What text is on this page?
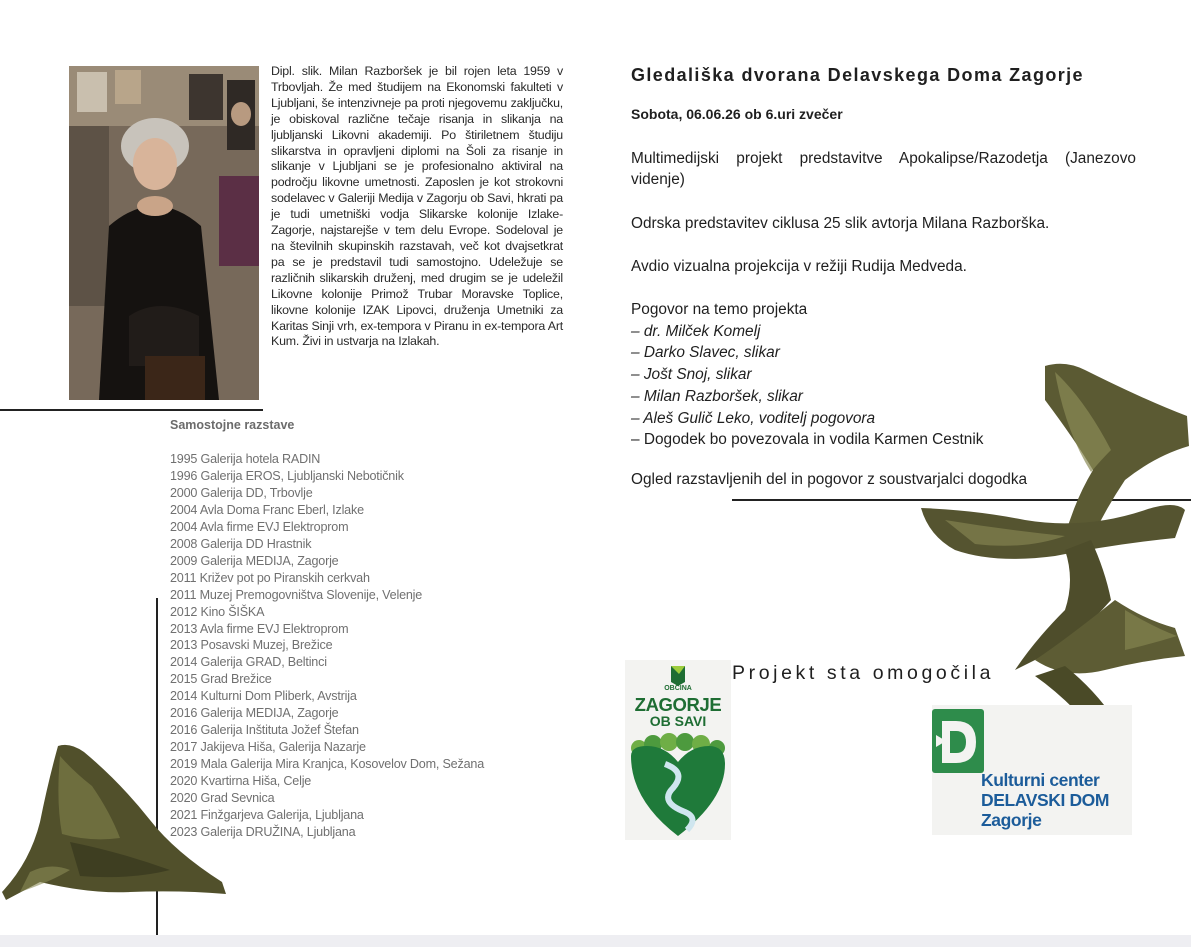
Dipl. slik. Milan Razboršek je bil rojen leta 1959 v Trbovljah. Že med študijem na Ekonomski fakulteti v Ljubljani, še intenzivneje pa proti njegovemu zaključku, je obiskoval različne tečaje risanja in slikanja na ljubljanski Likovni akademiji. Po štiriletnem študiju slikarstva in opravljeni diplomi na Šoli za risanje in slikanje v Ljubljani se je profesionalno aktiviral na področju likovne umetnosti. Zaposlen je kot strokovni sodelavec v Galeriji Medija v Zagorju ob Savi, hkrati pa je tudi umetniški vodja Slikarske kolonije Izlake-Zagorje, najstarejše v tem delu Evrope. Sodeloval je na številnih skupinskih razstavah, več kot dvajsetkrat pa se je predstavil tudi samostojno. Udeležuje se različnih slikarskih druženj, med drugim se je udeležil Likovne kolonije Primož Trubar Moravske Toplice, likovne kolonije IZAK Lipovci, druženja Umetniki za Karitas Sinji vrh, ex-tempora v Piranu in ex-tempora Art Kum. Živi in ustvarja na Izlakah.
Samostojne razstave
1995 Galerija hotela RADIN
1996 Galerija EROS, Ljubljanski Nebotičnik
2000 Galerija DD, Trbovlje
2004 Avla Doma Franc Eberl, Izlake
2004 Avla firme EVJ Elektroprom
2008 Galerija DD Hrastnik
2009 Galerija MEDIJA, Zagorje
2011 Križev pot po Piranskih cerkvah
2011 Muzej Premogovništva Slovenije, Velenje
2012 Kino ŠIŠKA
2013 Avla firme EVJ Elektroprom
2013 Posavski Muzej, Brežice
2014 Galerija GRAD, Beltinci
2015 Grad Brežice
2014 Kulturni Dom Pliberk, Avstrija
2016 Galerija MEDIJA, Zagorje
2016 Galerija Inštituta Jožef Štefan
2017 Jakijeva Hiša, Galerija Nazarje
2019 Mala Galerija Mira Kranjca, Kosovelov Dom, Sežana
2020 Kvartirna Hiša, Celje
2020 Grad Sevnica
2021 Finžgarjeva Galerija, Ljubljana
2023 Galerija DRUŽINA, Ljubljana
Gledališka dvorana Delavskega Doma Zagorje
Sobota, 06.06.26 ob 6.uri zvečer
Multimedijski projekt predstavitve Apokalipse/Razodetja (Janezovo videnje)
Odrska predstavitev ciklusa 25 slik avtorja Milana Razborška.
Avdio vizualna projekcija v režiji Rudija Medveda.
Pogovor na temo projekta
– dr. Milček Komelj
– Darko Slavec, slikar
– Jošt Snoj, slikar
– Milan Razboršek, slikar
– Aleš Gulič Leko, voditelj pogovora
– Dogodek bo povezovala in vodila Karmen Cestnik
Ogled razstavljenih del in pogovor z soustvarjalci dogodka
Projekt sta omogočila
OBČINA
ZAGORJE
OB SAVI
Kulturni center
DELAVSKI DOM
Zagorje
